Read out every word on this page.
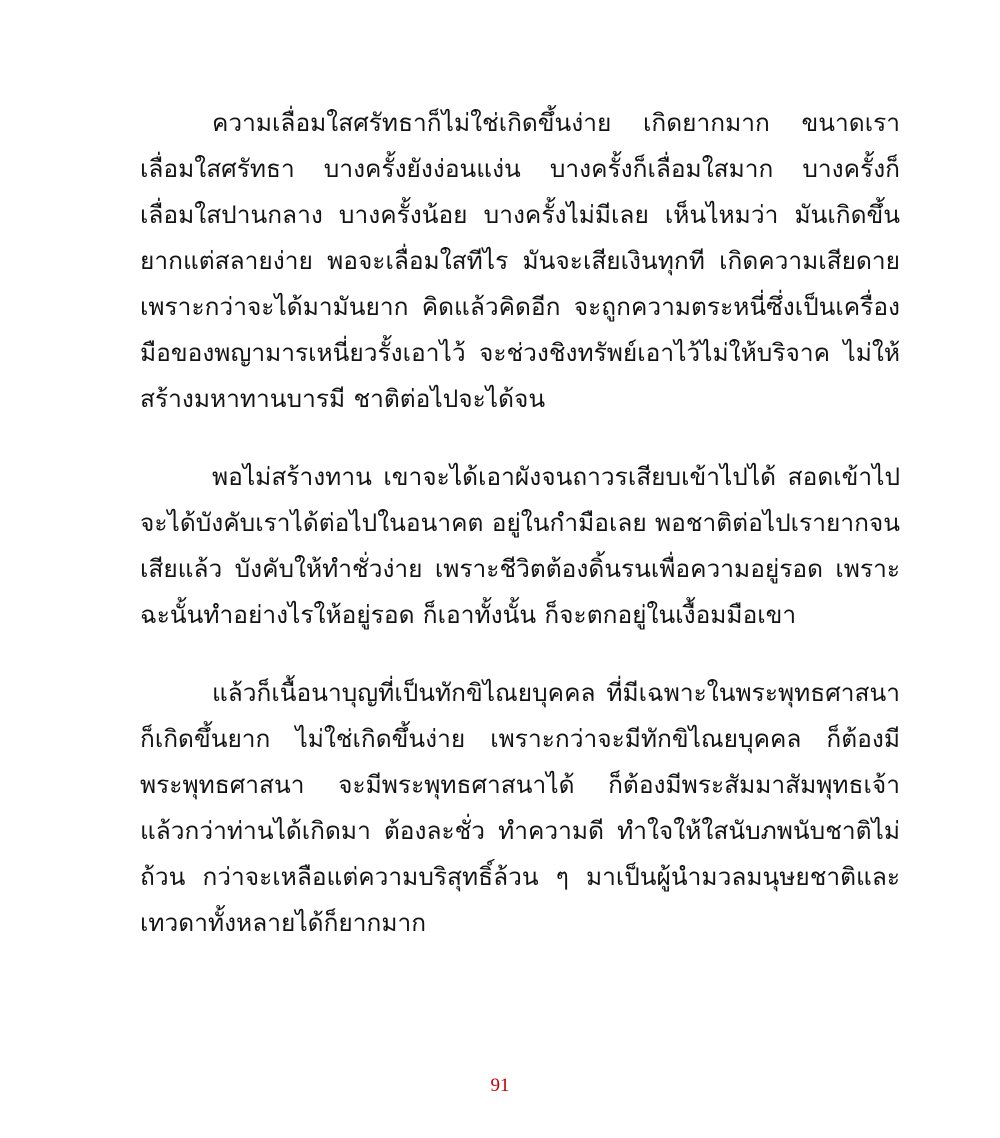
ความเลื่อมใสศรัทธาก็ไม่ใช่เกิดขึ้นง่าย เกิดยากมาก ขนาดเราเลื่อมใสศรัทธา บางครั้งยังง่อนแง่น บางครั้งก็เลื่อมใสมาก บางครั้งก็เลื่อมใสปานกลาง บางครั้งน้อย บางครั้งไม่มีเลย เห็นไหมว่า มันเกิดขึ้นยากแต่สลายง่าย พอจะเลื่อมใสทีไร มันจะเสียเงินทุกที เกิดความเสียดาย เพราะกว่าจะได้มามันยาก คิดแล้วคิดอีก จะถูกความตระหนี่ซึ่งเป็นเครื่องมือของพญามารเหนี่ยวรั้งเอาไว้ จะช่วงชิงทรัพย์เอาไว้ไม่ให้บริจาค ไม่ให้สร้างมหาทานบารมี ชาติต่อไปจะได้จน

พอไม่สร้างทาน เขาจะได้เอาผังจนถาวรเสียบเข้าไปได้ สอดเข้าไปจะได้บังคับเราได้ต่อไปในอนาคต อยู่ในกำมือเลย พอชาติต่อไปเรายากจนเสียแล้ว บังคับให้ทำชั่วง่าย เพราะชีวิตต้องดิ้นรนเพื่อความอยู่รอด เพราะฉะนั้นทำอย่างไรให้อยู่รอด ก็เอาทั้งนั้น ก็จะตกอยู่ในเงื้อมมือเขา

แล้วก็เนื้อนาบุญที่เป็นทักขิไณยบุคคล ที่มีเฉพาะในพระพุทธศาสนา ก็เกิดขึ้นยาก ไม่ใช่เกิดขึ้นง่าย เพราะกว่าจะมีทักขิไณยบุคคล ก็ต้องมีพระพุทธศาสนา จะมีพระพุทธศาสนาได้ ก็ต้องมีพระสัมมาสัมพุทธเจ้า แล้วกว่าท่านได้เกิดมา ต้องละชั่ว ทำความดี ทำใจให้ใสนับภพนับชาติไม่ถ้วน กว่าจะเหลือแต่ความบริสุทธิ์ล้วน ๆ มาเป็นผู้นำมวลมนุษยชาติและเทวดาทั้งหลายได้ก็ยากมาก

91
